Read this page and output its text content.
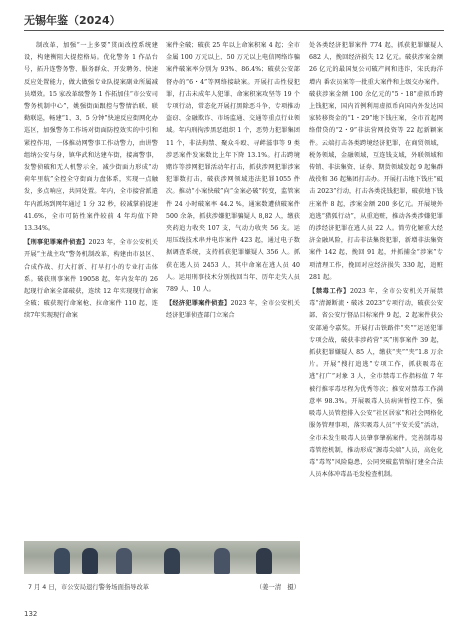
无锡年鉴（2024）

制改革，加强“一上多要”贯面改控系统建设，构建衡阻大提控格局。优化警务 1 作品台号，拓升连警务警、服务群众、开发聘务、快速反应处置能力，做大做强专业队提案副业所属减员增效。15 家改革级警务 1 作拓加佳“市公安司警务机制中心”，姚强街面跟控与警情治联、联勤联巡，畅建“1、3、5 分钟”快速反应街网化办巡区，加强警务工作场对街面防控效实的中引和紧控作用，一体推动网警事工作动警力，由讲警组纳公安与身，镇华武和达建车街，接离警事，发警侦破和无人机警示全，减少街面力形成“动荷年里航”全控全守街面力盘体系，实现一点触发，多点响应，共同处置。年内，全市接营派遣年内派场到网年通过 1 分 32 秒，较减掌前提速 41.6%，全市可防性案件较前 4 年均值下降 13.34%。

【刑事犯罪案件侦查】2023 年，全市公安机关开展“主战主攻”警务机制改革，构建由市县区、合成作战、打大打新、打早打小的专业打击体系。破获刑事案件 19058 起，年内发年的 26 起现行命案全部破获，连续 12 年实现现行命案全破；破获现行命案枪、拉命案件 110 起，连续7年实现现行命案

案件全破；破获 25 年以上命案积案 4 起；全市金属 100 万元以上、50 万元以上电信网络诈骗案件破案率分别为 93%、86.4%；破获公安部督办的“6・4”等网络接缺案。开展打击性侵犯罪，打击未成年人犯罪、命案积案攻坚等 19 个专项行动，常态化开展打黑除恶斗争，专项推动盗窃、金融欺诈、市场监通、交通等重点行业领域。年内刑拘涉黑恶组织 1 个，恶势力犯罪集团 11 个，非法拘禁、聚众斗殴、寻衅滋事等 9 类涉恶案件发案数比上年下降 13.1%。打击跨境赌诈等涉网犯罪活动年打击，抓获涉网犯罪涉案犯罪数打击，破获涉网领域违法犯罪1055 件次。推动“小案快破”向“金案必破”转变，监管案件 24 小时破案率 44.2 %，通案数遭侦破案件500 余条，抓获涉嫌犯罪骗疑人 8,82 人，缴获夹药追力收夹 107 支，气动力收夹 56 支。运用压线技术串并电诈案件 423 起，通过电子数据调查系统，支持抓获犯罪嫌疑人 356 人。抓获在逃人员 2453 人，其中命案在逃人员 40 人。运用刑事技术分别找回当年、历年走失人员 789 人、10 人。

【经济犯罪案件侦查】2023 年，全市公安机关经济犯罪侦查部门立案合

处各类经济犯罪案件 774 起，抓获犯罪嫌疑人 682 人，挽回经济损失 12 亿元。破获涉案金额 26 亿元的最国复公司破产间和违诈，宋氏海洋增内 番农员案等一批重大案件和上级交办案件。破获涉案金额 100 余亿元的“5・18”虚拟币跨上钱犯案，国内首例利用虚拟币向国内外发达国家转移资金的“1・29”地下钱庄案，全市首起网络借贷的“2・9”非法营网投资等 22 起新颖案件。云端打击各类跨境经济犯罪，在商贸领域，税务领域，金融领域，互连钱支域，外联领域和传销、非法集资、证券、期货领域发起 9 起集群战役和 36 起集团打击办。开展打击地下钱庄“砥击 2023”行动，打击各类洗钱犯罪，破获地下钱庄案件 8 起，涉案金额 200 多亿元。开展境外追逃“猎狐行动”，从重追赃，推动各类涉嫌犯罪的涉经济犯罪在逃人员 22 人。简劳化解重大经济金融风险，打击非法集资犯罪，新增非法集资案件 142 起，挽回 91 起，并抓捕金“涉案”专项清理工作，挽回对应经济损失 330 起，追赃 281 起。

【禁毒工作】2023 年，全市公安机关开展禁毒“清源断流・破冰 2023”专项行动，破获公安部、省公安厅督品目标案件 9 起，2 起案件获公安部通令嘉奖。开展打击铁路伴“夹”“运送犯罪专项会战，破获非涉药营“买”刑事案件 39 起，抓获犯罪嫌疑人 85 人，缴获“夹”“夹”1.8 万余片。开展“搜打追逃”专项工作，抓获吸毒在逃“打广”对象 3 人，全市禁毒工作指标值 7 年被行推零毒尽程为优秀等次；推安对禁毒工作满意率 98.3%。开展吸毒人员病害暂控工作，强吸毒人员管控排入公安“社区居家”和社会网格化服务管理事项，落实吸毒人员“平安关爱”活动，全市未发生吸毒人员肇事肇祸案件。完善制毒易毒管控机制，推动形成“源毒尖端”人员，高危化毒“毒驾”风险隐患，公同突破监管缩打建全合法人员本体冲毒品毛发检查机制。

7 月 4 日，市公安局退行警务场面指导改革	（姜一清　摄）
132
